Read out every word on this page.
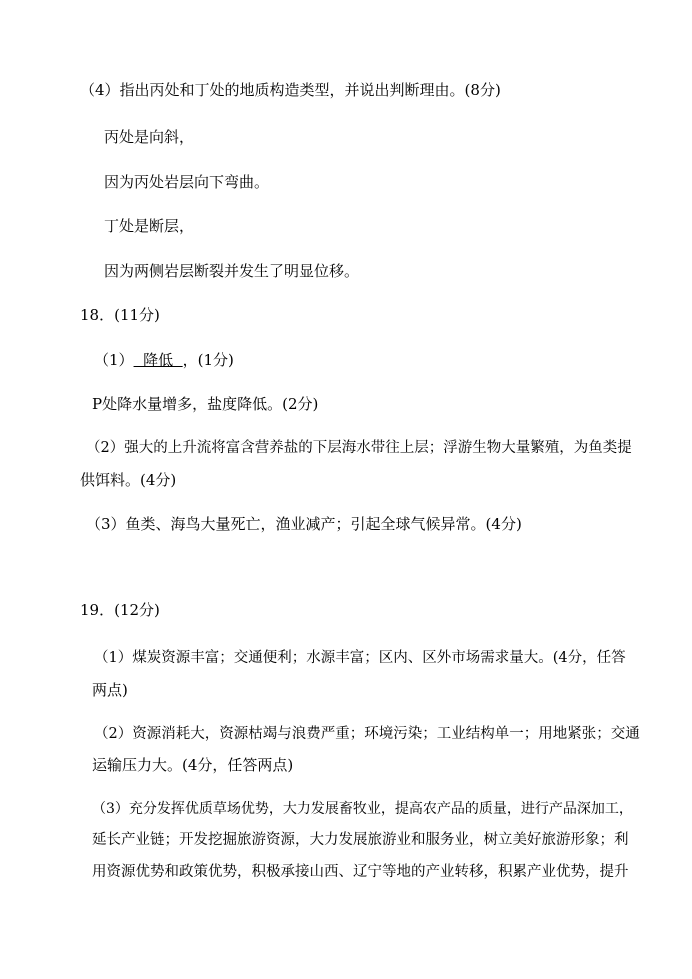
（4）指出丙处和丁处的地质构造类型，并说出判断理由。(8分)
丙处是向斜，
因为丙处岩层向下弯曲。
丁处是断层，
因为两侧岩层断裂并发生了明显位移。
18．(11分)
（1）  降低  ，(1分)
P处降水量增多，盐度降低。(2分)
（2）强大的上升流将富含营养盐的下层海水带往上层；浮游生物大量繁殖，为鱼类提
供饵料。(4分)
（3）鱼类、海鸟大量死亡，渔业减产；引起全球气候异常。(4分)
19．(12分)
（1）煤炭资源丰富；交通便利；水源丰富；区内、区外市场需求量大。(4分，任答
两点)
（2）资源消耗大，资源枯竭与浪费严重；环境污染；工业结构单一；用地紧张；交通
运输压力大。(4分，任答两点)
（3）充分发挥优质草场优势，大力发展畜牧业，提高农产品的质量，进行产品深加工，
延长产业链；开发挖掘旅游资源，大力发展旅游业和服务业，树立美好旅游形象；利
用资源优势和政策优势，积极承接山西、辽宁等地的产业转移，积累产业优势，提升
